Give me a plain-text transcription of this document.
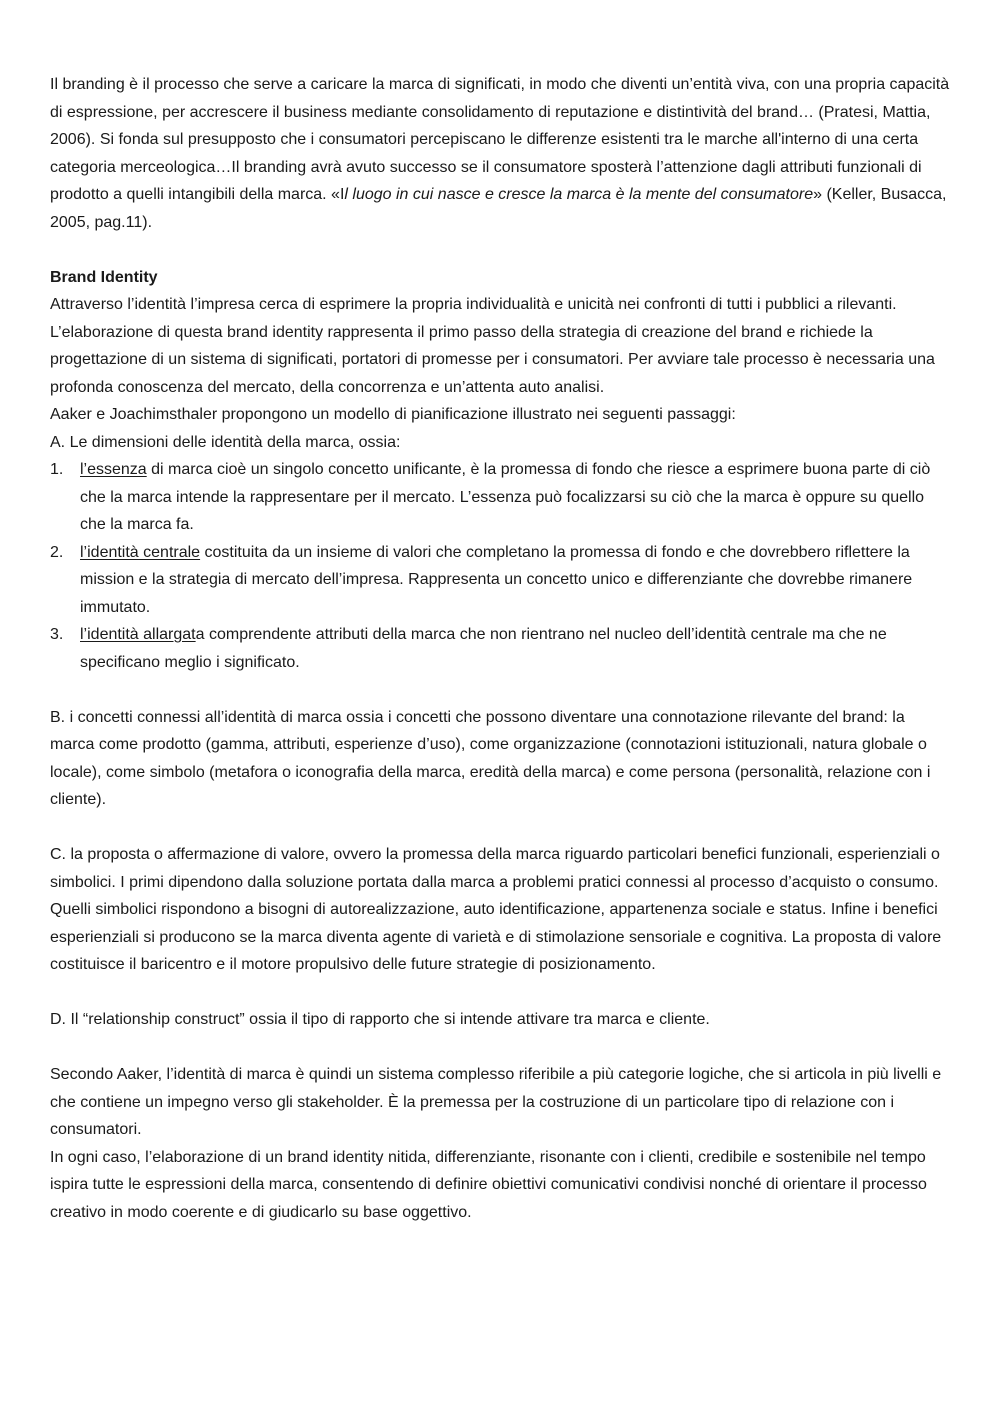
Il branding è il processo che serve a caricare la marca di significati, in modo che diventi un’entità viva, con una propria capacità di espressione, per accrescere il business mediante consolidamento di reputazione e distintività del brand… (Pratesi, Mattia, 2006). Si fonda sul presupposto che i consumatori percepiscano le differenze esistenti tra le marche all'interno di una certa categoria merceologica…Il branding avrà avuto successo se il consumatore sposterà l’attenzione dagli attributi funzionali di prodotto a quelli intangibili della marca. «Il luogo in cui nasce e cresce la marca è la mente del consumatore» (Keller, Busacca, 2005, pag.11).

Brand Identity

Attraverso l’identità l’impresa cerca di esprimere la propria individualità e unicità nei confronti di tutti i pubblici a rilevanti. L’elaborazione di questa brand identity rappresenta il primo passo della strategia di creazione del brand e richiede la progettazione di un sistema di significati, portatori di promesse per i consumatori. Per avviare tale processo è necessaria una profonda conoscenza del mercato, della concorrenza e un’attenta auto analisi.

Aaker e Joachimsthaler propongono un modello di pianificazione illustrato nei seguenti passaggi:

A. Le dimensioni delle identità della marca, ossia:

1. l’essenza di marca cioè un singolo concetto unificante, è la promessa di fondo che riesce a esprimere buona parte di ciò che la marca intende la rappresentare per il mercato. L’essenza può focalizzarsi su ciò che la marca è oppure su quello che la marca fa.
2. l’identità centrale costituita da un insieme di valori che completano la promessa di fondo e che dovrebbero riflettere la mission e la strategia di mercato dell’impresa. Rappresenta un concetto unico e differenziante che dovrebbe rimanere immutato.
3. l’identità allargata comprendente attributi della marca che non rientrano nel nucleo dell’identità centrale ma che ne specificano meglio i significato.

B. i concetti connessi all’identità di marca ossia i concetti che possono diventare una connotazione rilevante del brand: la marca come prodotto (gamma, attributi, esperienze d’uso), come organizzazione (connotazioni istituzionali, natura globale o locale), come simbolo (metafora o iconografia della marca, eredità della marca) e come persona (personalità, relazione con i cliente).

C. la proposta o affermazione di valore, ovvero la promessa della marca riguardo particolari benefici funzionali, esperienziali o simbolici. I primi dipendono dalla soluzione portata dalla marca a problemi pratici connessi al processo d’acquisto o consumo. Quelli simbolici rispondono a bisogni di autorealizzazione, auto identificazione, appartenenza sociale e status. Infine i benefici esperienziali si producono se la marca diventa agente di varietà e di stimolazione sensoriale e cognitiva. La proposta di valore costituisce il baricentro e il motore propulsivo delle future strategie di posizionamento.

D. Il “relationship construct” ossia il tipo di rapporto che si intende attivare tra marca e cliente.

Secondo Aaker, l’identità di marca è quindi un sistema complesso riferibile a più categorie logiche, che si articola in più livelli e che contiene un impegno verso gli stakeholder. È la premessa per la costruzione di un particolare tipo di relazione con i consumatori.

In ogni caso, l’elaborazione di un brand identity nitida, differenziante, risonante con i clienti, credibile e sostenibile nel tempo ispira tutte le espressioni della marca, consentendo di definire obiettivi comunicativi condivisi nonché di orientare il processo creativo in modo coerente e di giudicarlo su base oggettivo.
